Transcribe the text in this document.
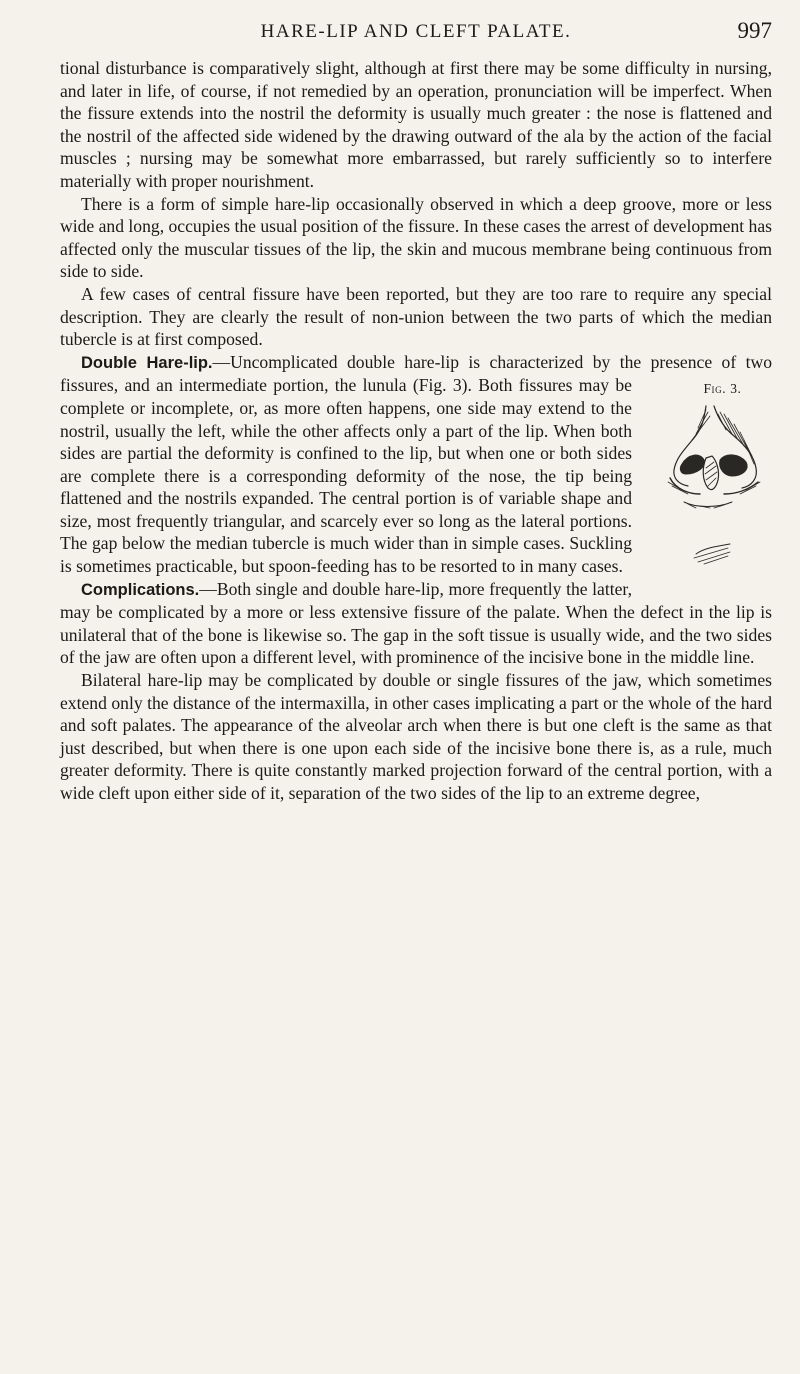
HARE-LIP AND CLEFT PALATE.	997

tional disturbance is comparatively slight, although at first there may be some difficulty in nursing, and later in life, of course, if not remedied by an operation, pronunciation will be imperfect. When the fissure extends into the nostril the deformity is usually much greater : the nose is flattened and the nostril of the affected side widened by the drawing outward of the ala by the action of the facial muscles ; nursing may be somewhat more embarrassed, but rarely sufficiently so to interfere materially with proper nourishment.

There is a form of simple hare-lip occasionally observed in which a deep groove, more or less wide and long, occupies the usual position of the fissure. In these cases the arrest of development has affected only the muscular tissues of the lip, the skin and mucous membrane being continuous from side to side.

A few cases of central fissure have been reported, but they are too rare to require any special description. They are clearly the result of non-union between the two parts of which the median tubercle is at first composed.

Double Hare-lip.—Uncomplicated double hare-lip is characterized by the presence of two fissures, and an intermediate portion, the lunula (Fig. 3).	Fig. 3.
Both fissures may be complete or incomplete, or, as more often happens, one side may extend to the nostril, usually the left, while the other affects only a part of the lip. When both sides are partial the deformity is confined to the lip, but when one or both sides are complete there is a corresponding deformity of the nose, the tip being flattened and the nostrils expanded. The central portion is of variable shape and size, most frequently triangular, and scarcely ever so long as the lateral portions. The gap below the median tubercle is much wider than in simple cases. Suckling is sometimes practicable, but spoon-feeding has to be resorted to in many cases.

Complications.—Both single and double hare-lip, more frequently the latter, may be complicated by a more or less extensive fissure of the palate. When the defect in the lip is unilateral that of the bone is likewise so. The gap in the soft tissue is usually wide, and the two sides of the jaw are often upon a different level, with prominence of the incisive bone in the middle line.

Bilateral hare-lip may be complicated by double or single fissures of the jaw, which sometimes extend only the distance of the intermaxilla, in other cases implicating a part or the whole of the hard and soft palates. The appearance of the alveolar arch when there is but one cleft is the same as that just described, but when there is one upon each side of the incisive bone there is, as a rule, much greater deformity. There is quite constantly marked projection forward of the central portion, with a wide cleft upon either side of it, separation of the two sides of the lip to an extreme degree,
